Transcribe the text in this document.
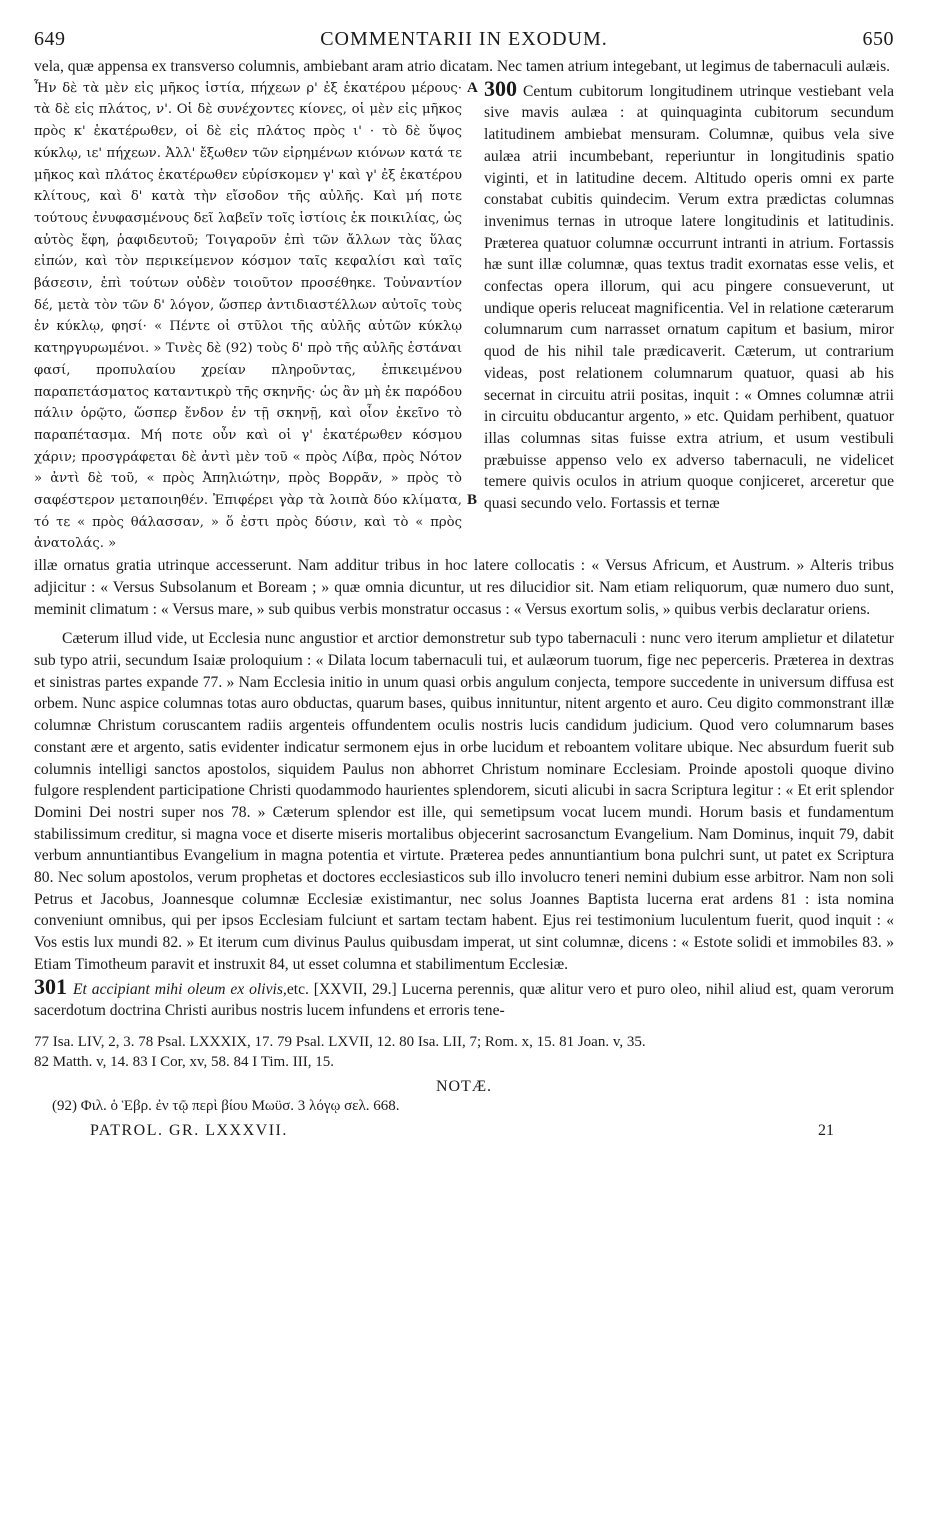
649	COMMENTARII IN EXODUM.	650

vela, quæ appensa ex transverso columnis, ambiebant aram atrio dicatam. Nec tamen atrium integebant, ut legimus de tabernaculi aulæis.

Ἦν δὲ τὰ μὲν εἰς μῆκος ἱστία, πήχεων ρ' ἐξ ἑκατέρου μέρους· τὰ δὲ εἰς πλάτος, ν'. Οἱ δὲ συνέχοντες κίονες, οἱ μὲν εἰς μῆκος πρὸς κ' ἑκατέρωθεν, οἱ δὲ εἰς πλάτος πρὸς ι' · τὸ δὲ ὕψος κύκλῳ, ιε' πήχεων. Ἀλλ' ἔξωθεν τῶν εἰρημένων κιόνων κατά τε μῆκος καὶ πλάτος ἑκατέρωθεν εὑρίσκομεν γ' καὶ γ' ἐξ ἑκατέρου κλίτους, καὶ δ' κατὰ τὴν εἴσοδον τῆς αὐλῆς. Καὶ μή ποτε τούτους ἐνυφασμένους δεῖ λαβεῖν τοῖς ἱστίοις ἐκ ποικιλίας, ὡς αὐτὸς ἔφη, ῥαφιδευτοῦ; Τοιγαροῦν ἐπὶ τῶν ἄλλων τὰς ὕλας εἰπών, καὶ τὸν περικείμενον κόσμον ταῖς κεφαλίσι καὶ ταῖς βάσεσιν, ἐπὶ τούτων οὐδὲν τοιοῦτον προσέθηκε. Τοὐναντίον δέ, μετὰ τὸν τῶν δ' λόγον, ὥσπερ ἀντιδιαστέλλων αὐτοῖς τοὺς ἐν κύκλῳ, φησί· « Πέντε οἱ στῦλοι τῆς αὐλῆς αὐτῶν κύκλῳ κατηργυρωμένοι. » Τινὲς δὲ (92) τοὺς δ' πρὸ τῆς αὐλῆς ἑστάναι φασί, προπυλαίου χρείαν πληροῦντας, ἐπικειμένου παραπετάσματος καταντικρὺ τῆς σκηνῆς· ὡς ἂν μὴ ἐκ παρόδου πάλιν ὁρῷτο, ὥσπερ ἔνδον ἐν τῇ σκηνῇ, καὶ οἷον ἐκεῖνο τὸ παραπέτασμα. Μή ποτε οὖν καὶ οἱ γ' ἑκατέρωθεν κόσμου χάριν; προσγράφεται δὲ ἀντὶ μὲν τοῦ « πρὸς Λίβα, πρὸς Νότον » ἀντὶ δὲ τοῦ, « πρὸς Ἀπηλιώτην, πρὸς Βορρᾶν, » πρὸς τὸ σαφέστερον μεταποιηθέν. Ἐπιφέρει γὰρ τὰ λοιπὰ δύο κλίματα, τό τε « πρὸς θάλασσαν, » ὅ ἐστι πρὸς δύσιν, καὶ τὸ « πρὸς ἀνατολάς. »

A
B

300 Centum cubitorum longitudinem utrinque vestiebant vela sive mavis aulæa : at quinquaginta cubitorum secundum latitudinem ambiebat mensuram. Columnæ, quibus vela sive aulæa atrii incumbebant, reperiuntur in longitudinis spatio viginti, et in latitudine decem. Altitudo operis omni ex parte constabat cubitis quindecim. Verum extra prædictas columnas invenimus ternas in utroque latere longitudinis et latitudinis. Præterea quatuor columnæ occurrunt intranti in atrium. Fortassis hæ sunt illæ columnæ, quas textus tradit exornatas esse velis, et confectas opera illorum, qui acu pingere consueverunt, ut undique operis reluceat magnificentia. Vel in relatione cæterarum columnarum cum narrasset ornatum capitum et basium, miror quod de his nihil tale prædicaverit. Cæterum, ut contrarium videas, post relationem columnarum quatuor, quasi ab his secernat in circuitu atrii positas, inquit : « Omnes columnæ atrii in circuitu obducantur argento, » etc. Quidam perhibent, quatuor illas columnas sitas fuisse extra atrium, et usum vestibuli præbuisse appenso velo ex adverso tabernaculi, ne videlicet temere quivis oculos in atrium quoque conjiceret, arceretur que quasi secundo velo. Fortassis et ternæ

illæ ornatus gratia utrinque accesserunt. Nam additur tribus in hoc latere collocatis : « Versus Africum, et Austrum. » Alteris tribus adjicitur : « Versus Subsolanum et Boream ; » quæ omnia dicuntur, ut res dilucidior sit. Nam etiam reliquorum, quæ numero duo sunt, meminit climatum : « Versus mare, » sub quibus verbis monstratur occasus : « Versus exortum solis, » quibus verbis declaratur oriens.

Cæterum illud vide, ut Ecclesia nunc angustior et arctior demonstretur sub typo tabernaculi : nunc vero iterum amplietur et dilatetur sub typo atrii, secundum Isaiæ proloquium : « Dilata locum tabernaculi tui, et aulæorum tuorum, fige nec peperceris. Præterea in dextras et sinistras partes expande 77. » Nam Ecclesia initio in unum quasi orbis angulum conjecta, tempore succedente in universum diffusa est orbem. Nunc aspice columnas totas auro obductas, quarum bases, quibus innituntur, nitent argento et auro. Ceu digito commonstrant illæ columnæ Christum coruscantem radiis argenteis offundentem oculis nostris lucis candidum judicium. Quod vero columnarum bases constant ære et argento, satis evidenter indicatur sermonem ejus in orbe lucidum et reboantem volitare ubique. Nec absurdum fuerit sub columnis intelligi sanctos apostolos, siquidem Paulus non abhorret Christum nominare Ecclesiam. Proinde apostoli quoque divino fulgore resplendent participatione Christi quodammodo haurientes splendorem, sicuti alicubi in sacra Scriptura legitur : « Et erit splendor Domini Dei nostri super nos 78. » Cæterum splendor est ille, qui semetipsum vocat lucem mundi. Horum basis et fundamentum stabilissimum creditur, si magna voce et diserte miseris mortalibus objecerint sacrosanctum Evangelium. Nam Dominus, inquit 79, dabit verbum annuntiantibus Evangelium in magna potentia et virtute. Præterea pedes annuntiantium bona pulchri sunt, ut patet ex Scriptura 80. Nec solum apostolos, verum prophetas et doctores ecclesiasticos sub illo involucro teneri nemini dubium esse arbitror. Nam non soli Petrus et Jacobus, Joannesque columnæ Ecclesiæ existimantur, nec solus Joannes Baptista lucerna erat ardens 81 : ista nomina conveniunt omnibus, qui per ipsos Ecclesiam fulciunt et sartam tectam habent. Ejus rei testimonium luculentum fuerit, quod inquit : « Vos estis lux mundi 82. » Et iterum cum divinus Paulus quibusdam imperat, ut sint columnæ, dicens : « Estote solidi et immobiles 83. » Etiam Timotheum paravit et instruxit 84, ut esset columna et stabilimentum Ecclesiæ.

301 Et accipiant mihi oleum ex olivis,etc. [XXVII, 29.] Lucerna perennis, quæ alitur vero et puro oleo, nihil aliud est, quam verorum sacerdotum doctrina Christi auribus nostris lucem infundens et erroris tene-

77 Isa. LIV, 2, 3. 78 Psal. LXXXIX, 17. 79 Psal. LXVII, 12. 80 Isa. LII, 7; Rom. x, 15. 81 Joan. v, 35.
82 Matth. v, 14. 83 I Cor, xv, 58. 84 I Tim. III, 15.
NOTÆ.
(92) Φιλ. ὁ Ἑβρ. ἐν τῷ περὶ βίου Μωϋσ. 3 λόγῳ σελ. 668.
PATROL. GR. LXXXVII.	21
